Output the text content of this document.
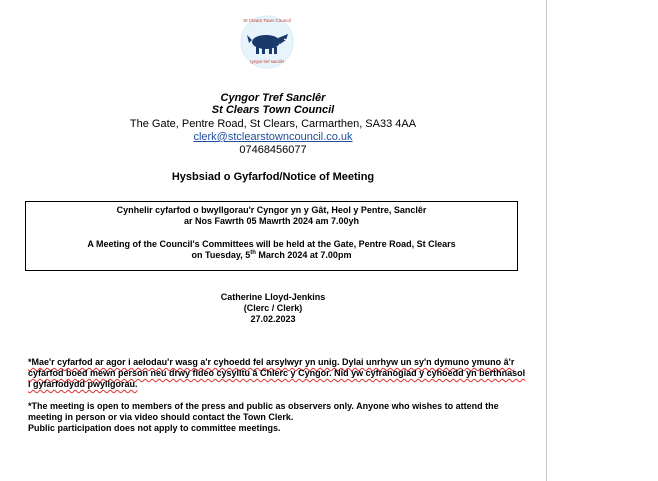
St Clears Town Council
cyngor tref sanclêr
Cyngor Tref Sanclêr
St Clears Town Council
The Gate, Pentre Road, St Clears, Carmarthen, SA33 4AA
clerk@stclearstowncouncil.co.uk
07468456077
Hysbsiad o Gyfarfod/Notice of Meeting
Cynhelir cyfarfod o bwyllgorau'r Cyngor yn y Gât, Heol y Pentre, Sanclêr
ar Nos Fawrth 05 Mawrth 2024 am 7.00yh
A Meeting of the Council's Committees will be held at the Gate, Pentre Road, St Clears
on Tuesday, 5th March 2024 at 7.00pm
Catherine Lloyd-Jenkins
(Clerc / Clerk)
27.02.2023
*Mae'r cyfarfod ar agor i aelodau'r wasg a'r cyhoedd fel arsylwyr yn unig. Dylai unrhyw un sy'n dymuno ymuno â'r cyfarfod boed mewn person neu drwy fideo cysylltu â Chlerc y Cyngor. Nid yw cyfranogiad y cyhoedd yn berthnasol i gyfarfodydd pwyllgorau.
*The meeting is open to members of the press and public as observers only. Anyone who wishes to attend the meeting in person or via video should contact the Town Clerk.
Public participation does not apply to committee meetings.
